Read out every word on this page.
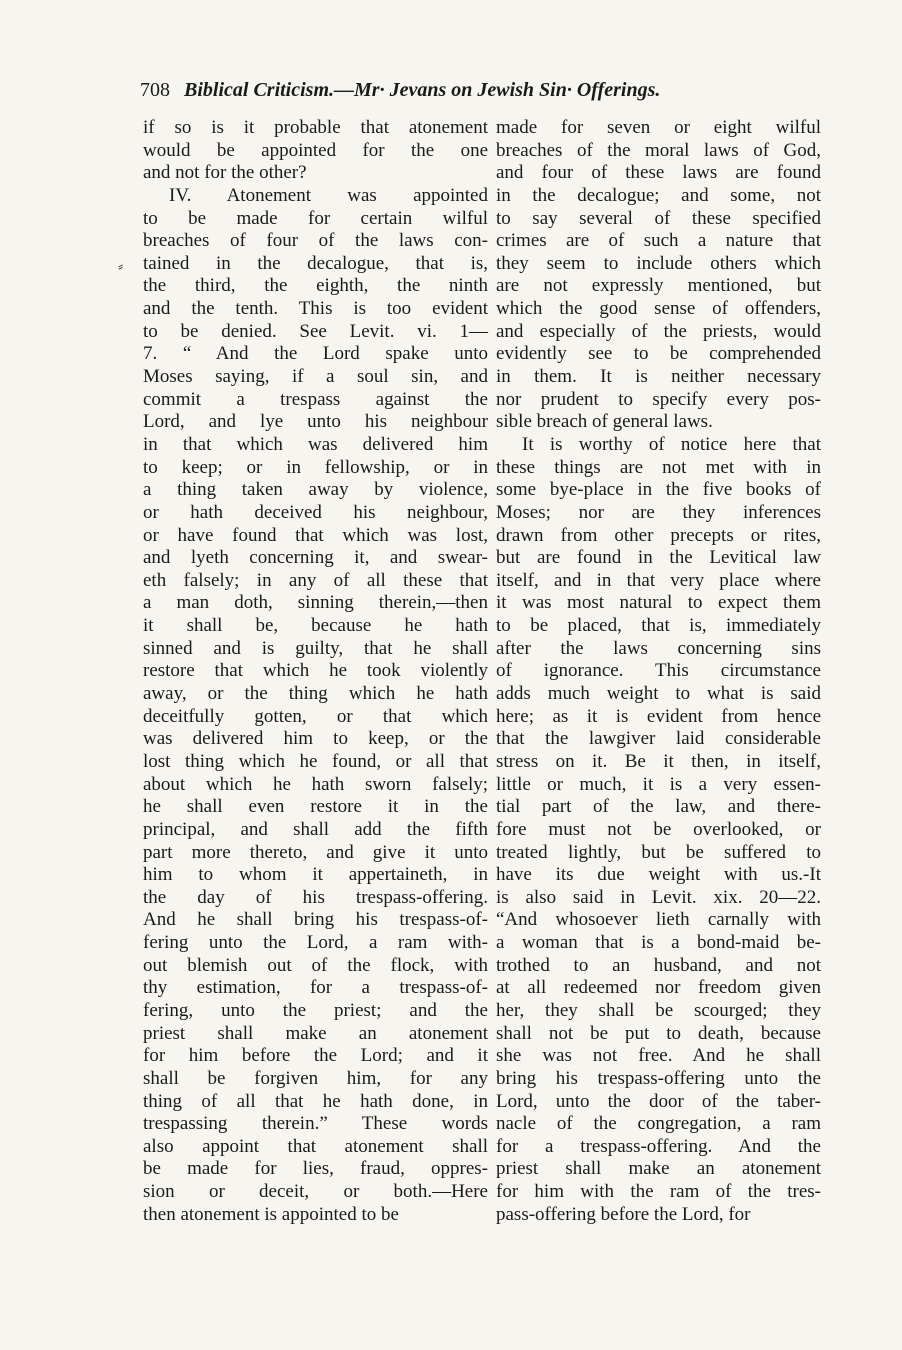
708 Biblical Criticism.—Mr· Jevans on Jewish Sin· Offerings.
⸗
if so is it probable that atonement
would be appointed for the one
and not for the other?
IV. Atonement was appointed
to be made for certain wilful
breaches of four of the laws con-
tained in the decalogue, that is,
the third, the eighth, the ninth
and the tenth. This is too evident
to be denied. See Levit. vi. 1—
7. “ And the Lord spake unto
Moses saying, if a soul sin, and
commit a trespass against the
Lord, and lye unto his neighbour
in that which was delivered him
to keep; or in fellowship, or in
a thing taken away by violence,
or hath deceived his neighbour,
or have found that which was lost,
and lyeth concerning it, and swear-
eth falsely; in any of all these that
a man doth, sinning therein,—then
it shall be, because he hath
sinned and is guilty, that he shall
restore that which he took violently
away, or the thing which he hath
deceitfully gotten, or that which
was delivered him to keep, or the
lost thing which he found, or all that
about which he hath sworn falsely;
he shall even restore it in the
principal, and shall add the fifth
part more thereto, and give it unto
him to whom it appertaineth, in
the day of his trespass-offering.
And he shall bring his trespass-of-
fering unto the Lord, a ram with-
out blemish out of the flock, with
thy estimation, for a trespass-of-
fering, unto the priest; and the
priest shall make an atonement
for him before the Lord; and it
shall be forgiven him, for any
thing of all that he hath done, in
trespassing therein.” These words
also appoint that atonement shall
be made for lies, fraud, oppres-
sion or deceit, or both.—Here
then atonement is appointed to be
made for seven or eight wilful
breaches of the moral laws of God,
and four of these laws are found
in the decalogue; and some, not
to say several of these specified
crimes are of such a nature that
they seem to include others which
are not expressly mentioned, but
which the good sense of offenders,
and especially of the priests, would
evidently see to be comprehended
in them. It is neither necessary
nor prudent to specify every pos-
sible breach of general laws.
It is worthy of notice here that
these things are not met with in
some bye-place in the five books of
Moses; nor are they inferences
drawn from other precepts or rites,
but are found in the Levitical law
itself, and in that very place where
it was most natural to expect them
to be placed, that is, immediately
after the laws concerning sins
of ignorance. This circumstance
adds much weight to what is said
here; as it is evident from hence
that the lawgiver laid considerable
stress on it. Be it then, in itself,
little or much, it is a very essen-
tial part of the law, and there-
fore must not be overlooked, or
treated lightly, but be suffered to
have its due weight with us.-It
is also said in Levit. xix. 20—22.
“And whosoever lieth carnally with
a woman that is a bond-maid be-
trothed to an husband, and not
at all redeemed nor freedom given
her, they shall be scourged; they
shall not be put to death, because
she was not free. And he shall
bring his trespass-offering unto the
Lord, unto the door of the taber-
nacle of the congregation, a ram
for a trespass-offering. And the
priest shall make an atonement
for him with the ram of the tres-
pass-offering before the Lord, for
